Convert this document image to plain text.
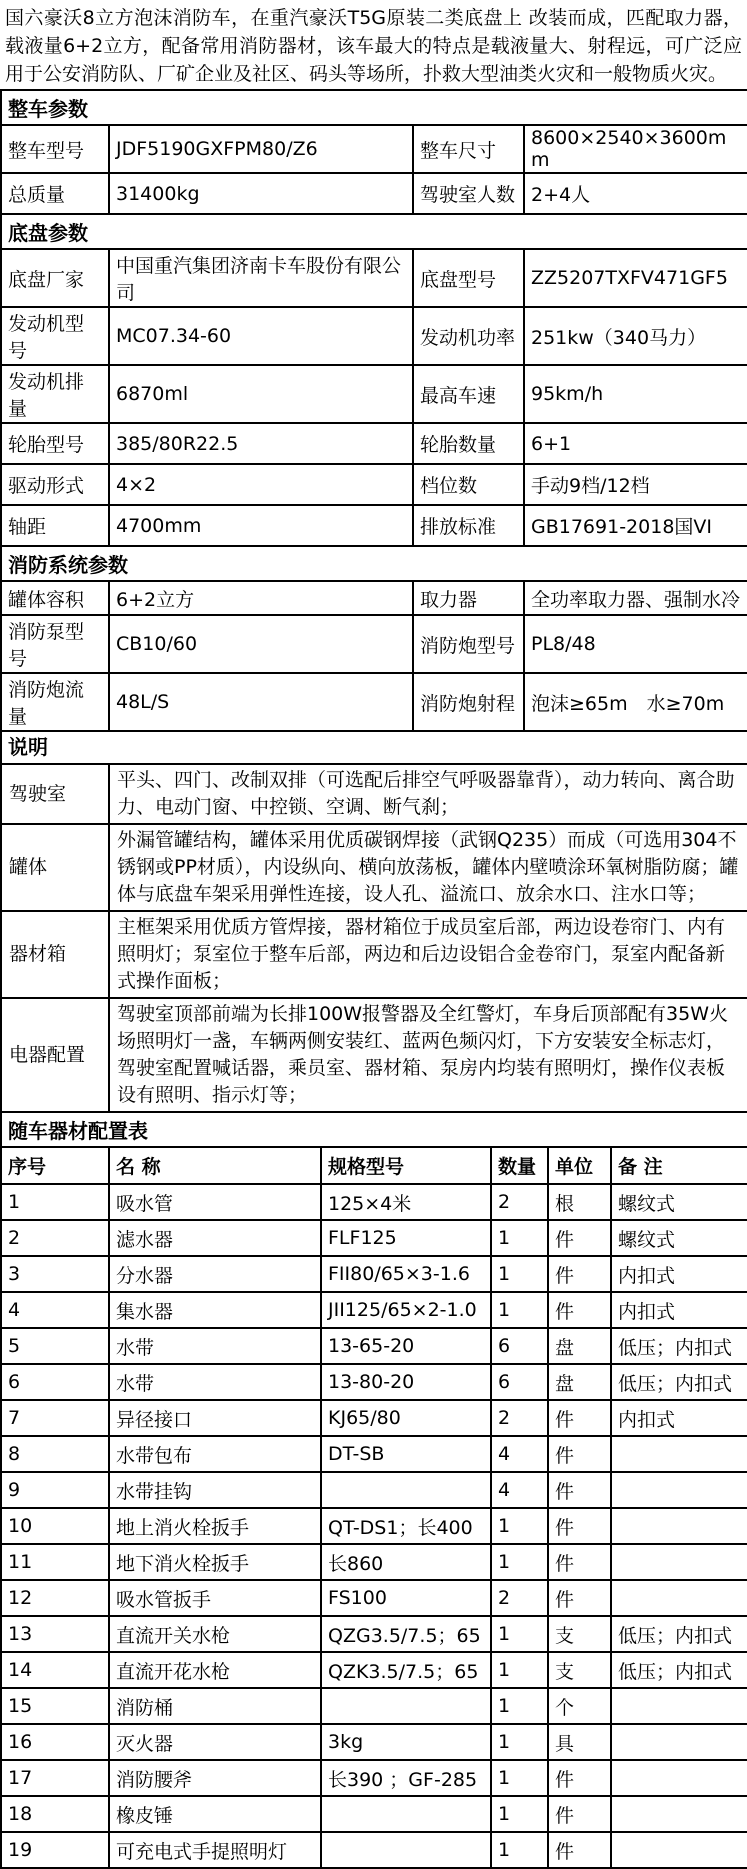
国六豪沃8立方泡沫消防车，在重汽豪沃T5G原装二类底盘上 改装而成，匹配取力器，载液量6+2立方，配备常用消防器材，该车最大的特点是载液量大、射程远，可广泛应用于公安消防队、厂矿企业及社区、码头等场所，扑救大型油类火灾和一般物质火灾。

整车参数			
整车型号	JDF5190GXFPM80/Z6	整车尺寸	8600×2540×3600mm
总质量	31400kg	驾驶室人数	2+4人
底盘参数			
底盘厂家	中国重汽集团济南卡车股份有限公司	底盘型号	ZZ5207TXFV471GF5
发动机型号	MC07.34-60	发动机功率	251kw（340马力）
发动机排量	6870ml	最高车速	95km/h
轮胎型号	385/80R22.5	轮胎数量	6+1
驱动形式	4×2	档位数	手动9档/12档
轴距	4700mm	排放标准	GB17691-2018国VI
消防系统参数			
罐体容积	6+2立方	取力器	全功率取力器、强制水冷
消防泵型号	CB10/60	消防炮型号	PL8/48
消防炮流量	48L/S	消防炮射程	泡沫≥65m　水≥70m
说明	
驾驶室	平头、四门、改制双排（可选配后排空气呼吸器靠背），动力转向、离合助力、电动门窗、中控锁、空调、断气刹；
罐体	外漏管罐结构，罐体采用优质碳钢焊接（武钢Q235）而成（可选用304不锈钢或PP材质），内设纵向、横向放荡板，罐体内壁喷涂环氧树脂防腐；罐体与底盘车架采用弹性连接，设人孔、溢流口、放余水口、注水口等；
器材箱	主框架采用优质方管焊接，器材箱位于成员室后部，两边设卷帘门、内有照明灯；泵室位于整车后部，两边和后边设铝合金卷帘门，泵室内配备新式操作面板；
电器配置	驾驶室顶部前端为长排100W报警器及全红警灯，车身后顶部配有35W火场照明灯一盏，车辆两侧安装红、蓝两色频闪灯，下方安装安全标志灯，驾驶室配置喊话器，乘员室、器材箱、泵房内均装有照明灯，操作仪表板设有照明、指示灯等；
随车器材配置表					
序号	名 称	规格型号	数量	单位	备 注
1	吸水管	125×4米	2	根	螺纹式
2	滤水器	FLF125	1	件	螺纹式
3	分水器	FII80/65×3-1.6	1	件	内扣式
4	集水器	JII125/65×2-1.0	1	件	内扣式
5	水带	13-65-20	6	盘	低压；内扣式
6	水带	13-80-20	6	盘	低压；内扣式
7	异径接口	KJ65/80	2	件	内扣式
8	水带包布	DT-SB	4	件	
9	水带挂钩		4	件	
10	地上消火栓扳手	QT-DS1；长400	1	件	
11	地下消火栓扳手	长860	1	件	
12	吸水管扳手	FS100	2	件	
13	直流开关水枪	QZG3.5/7.5；65	1	支	低压；内扣式
14	直流开花水枪	QZK3.5/7.5；65	1	支	低压；内扣式
15	消防桶		1	个	
16	灭火器	3kg	1	具	
17	消防腰斧	长390 ；GF-285	1	件	
18	橡皮锤		1	件	
19	可充电式手提照明灯		1	件	
